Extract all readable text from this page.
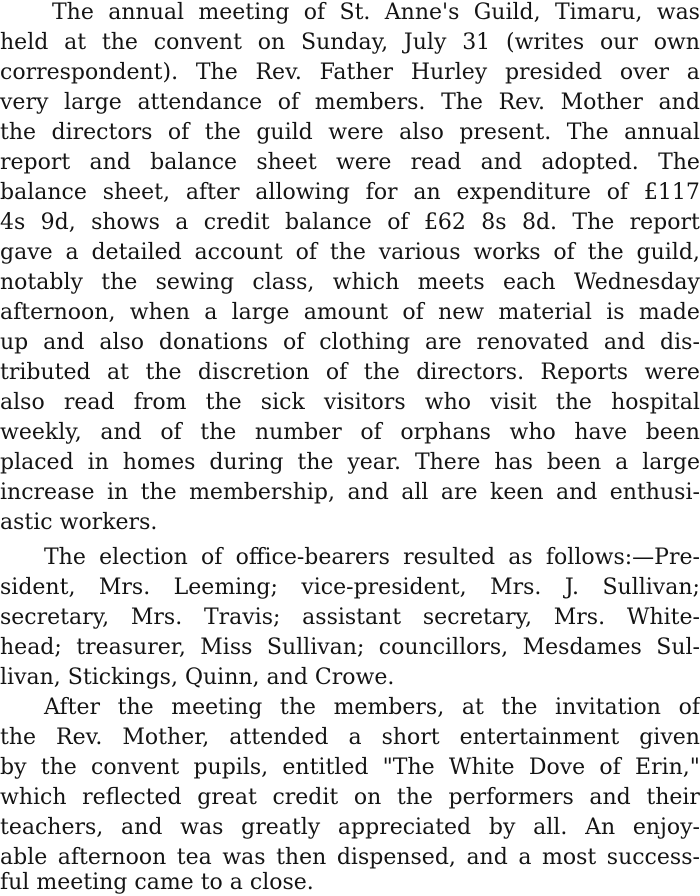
The annual meeting of St. Anne's Guild, Timaru, was
held at the convent on Sunday, July 31 (writes our own
correspondent). The Rev. Father Hurley presided over a
very large attendance of members. The Rev. Mother and
the directors of the guild were also present. The annual
report and balance sheet were read and adopted. The
balance sheet, after allowing for an expenditure of £117
4s 9d, shows a credit balance of £62 8s 8d. The report
gave a detailed account of the various works of the guild,
notably the sewing class, which meets each Wednesday
afternoon, when a large amount of new material is made
up and also donations of clothing are renovated and dis-
tributed at the discretion of the directors. Reports were
also read from the sick visitors who visit the hospital
weekly, and of the number of orphans who have been
placed in homes during the year. There has been a large
increase in the membership, and all are keen and enthusi-
astic workers.
The election of office-bearers resulted as follows:—Pre-
sident, Mrs. Leeming; vice-president, Mrs. J. Sullivan;
secretary, Mrs. Travis; assistant secretary, Mrs. White-
head; treasurer, Miss Sullivan; councillors, Mesdames Sul-
livan, Stickings, Quinn, and Crowe.
After the meeting the members, at the invitation of
the Rev. Mother, attended a short entertainment given
by the convent pupils, entitled "The White Dove of Erin,"
which reflected great credit on the performers and their
teachers, and was greatly appreciated by all. An enjoy-
able afternoon tea was then dispensed, and a most success-
ful meeting came to a close.
